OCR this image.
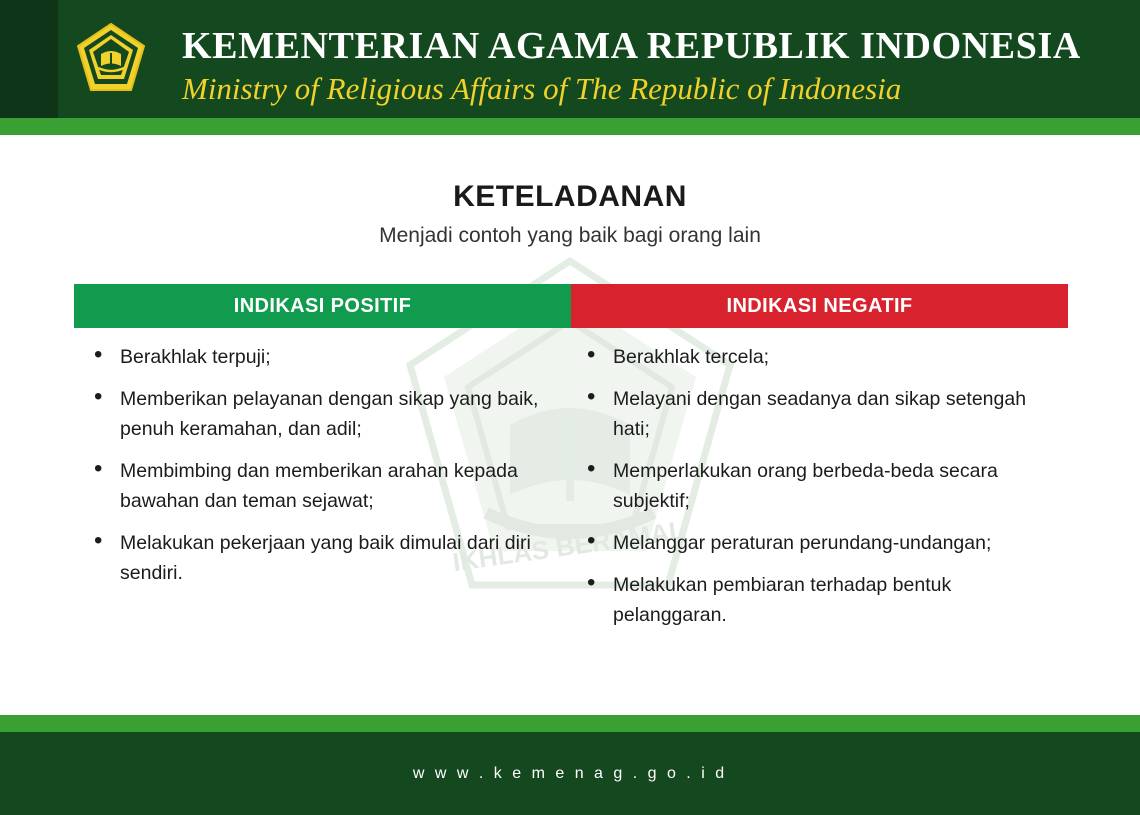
KEMENTERIAN AGAMA REPUBLIK INDONESIA
Ministry of Religious Affairs of The Republic of Indonesia
IKHLAS BERAMAL
KETELADANAN
Menjadi contoh yang baik bagi orang lain
INDIKASI POSITIF
• Berakhlak terpuji;
• Memberikan pelayanan dengan sikap yang baik, penuh keramahan, dan adil;
• Membimbing dan memberikan arahan kepada bawahan dan teman sejawat;
• Melakukan pekerjaan yang baik dimulai dari diri sendiri.
INDIKASI NEGATIF
• Berakhlak tercela;
• Melayani dengan seadanya dan sikap setengah hati;
• Memperlakukan orang berbeda-beda secara subjektif;
• Melanggar peraturan perundang-undangan;
• Melakukan pembiaran terhadap bentuk pelanggaran.
w w w . k e m e n a g . g o . i d
